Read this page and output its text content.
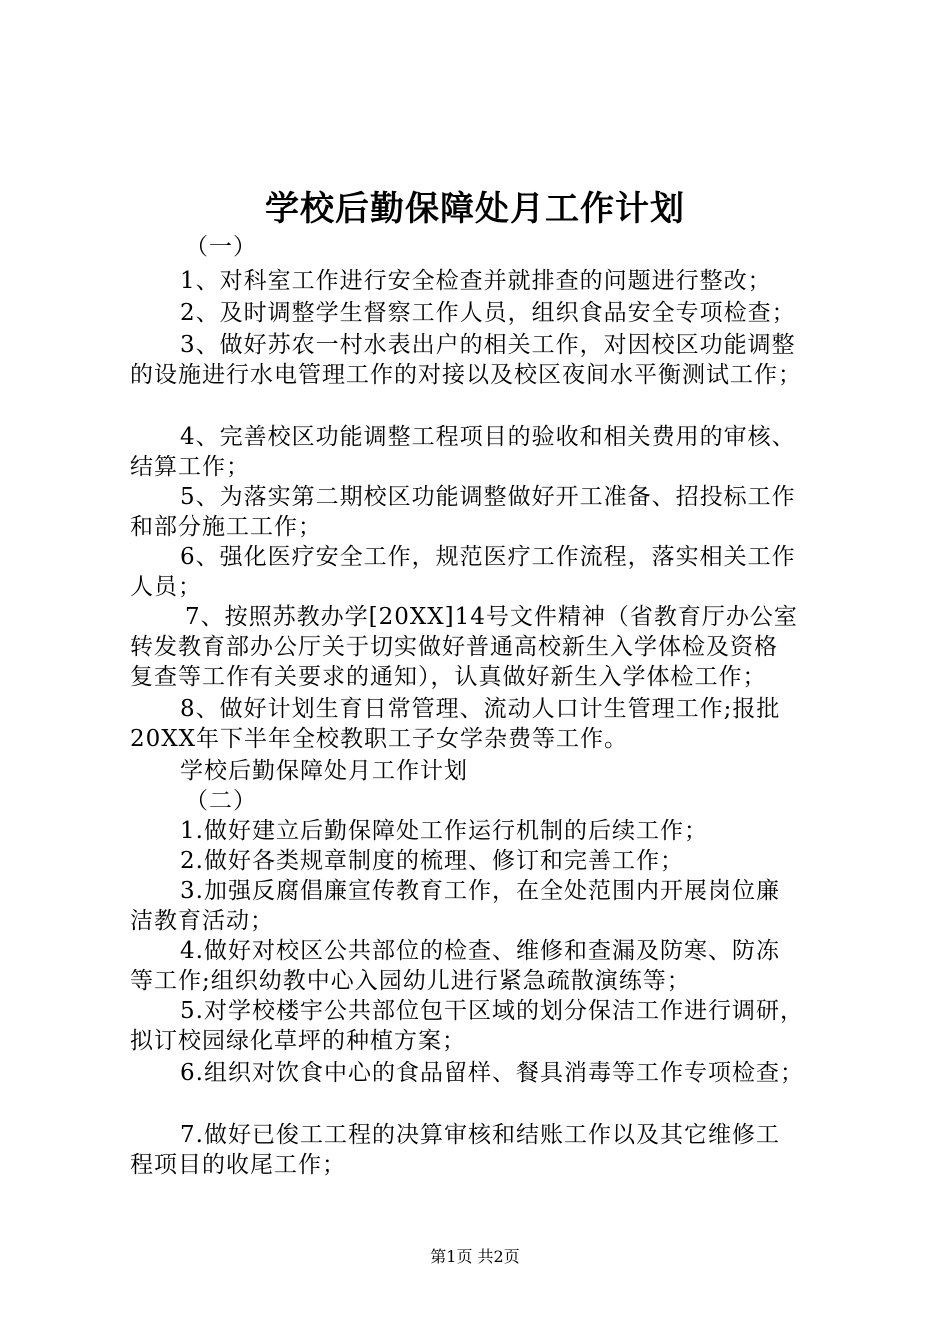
学校后勤保障处月工作计划
（一）
1、对科室工作进行安全检查并就排查的问题进行整改；
2、及时调整学生督察工作人员，组织食品安全专项检查；
3、做好苏农一村水表出户的相关工作，对因校区功能调整
的设施进行水电管理工作的对接以及校区夜间水平衡测试工作；
4、完善校区功能调整工程项目的验收和相关费用的审核、
结算工作；
5、为落实第二期校区功能调整做好开工准备、招投标工作
和部分施工工作；
6、强化医疗安全工作，规范医疗工作流程，落实相关工作
人员；
7、按照苏教办学[20XX]14号文件精神（省教育厅办公室
转发教育部办公厅关于切实做好普通高校新生入学体检及资格
复查等工作有关要求的通知），认真做好新生入学体检工作；
8、做好计划生育日常管理、流动人口计生管理工作;报批
20XX年下半年全校教职工子女学杂费等工作。
学校后勤保障处月工作计划
（二）
1.做好建立后勤保障处工作运行机制的后续工作；
2.做好各类规章制度的梳理、修订和完善工作；
3.加强反腐倡廉宣传教育工作，在全处范围内开展岗位廉
洁教育活动；
4.做好对校区公共部位的检查、维修和查漏及防寒、防冻
等工作;组织幼教中心入园幼儿进行紧急疏散演练等；
5.对学校楼宇公共部位包干区域的划分保洁工作进行调研，
拟订校园绿化草坪的种植方案；
6.组织对饮食中心的食品留样、餐具消毒等工作专项检查；
7.做好已俊工工程的决算审核和结账工作以及其它维修工
程项目的收尾工作；
第1页 共2页
